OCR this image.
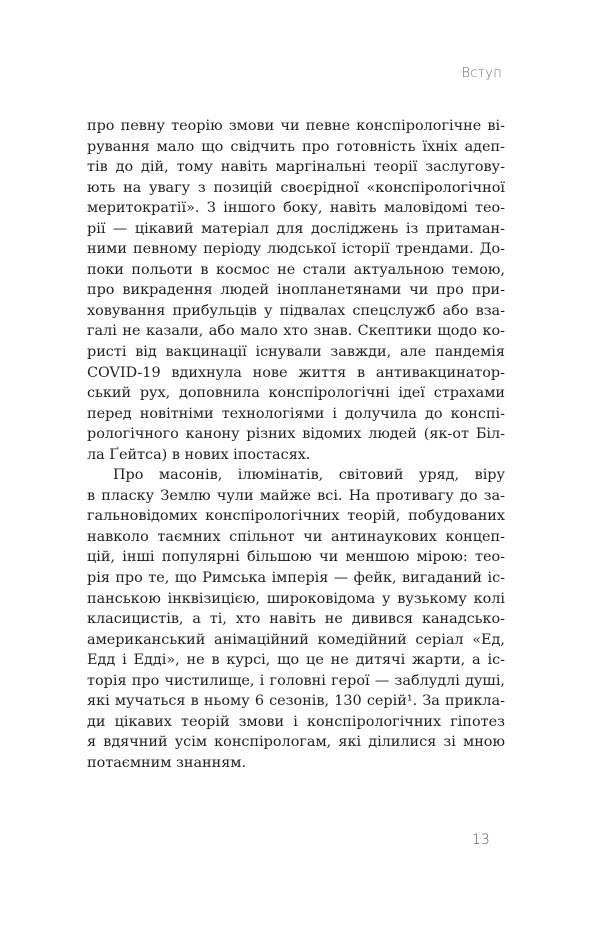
Вступ
про певну теорію змови чи певне конспірологічне ві-
рування мало що свідчить про готовність їхніх адеп-
тів до дій, тому навіть маргінальні теорії заслугову-
ють на увагу з позицій своєрідної «конспірологічної
меритократії». З іншого боку, навіть маловідомі тео-
рії — цікавий матеріал для досліджень із притаман-
ними певному періоду людської історії трендами. До-
поки польоти в космос не стали актуальною темою,
про викрадення людей інопланетянами чи про при-
ховування прибульців у підвалах спецслужб або вза-
галі не казали, або мало хто знав. Скептики щодо ко-
ристі від вакцинації існували завжди, але пандемія
COVID-19 вдихнула нове життя в антивакцинатор-
ський рух, доповнила конспірологічні ідеї страхами
перед новітніми технологіями і долучила до конспі-
рологічного канону різних відомих людей (як-от Біл-
ла Ґейтса) в нових іпостасях.
Про масонів, ілюмінатів, світовий уряд, віру
в пласку Землю чули майже всі. На противагу до за-
гальновідомих конспірологічних теорій, побудованих
навколо таємних спільнот чи антинаукових концеп-
цій, інші популярні більшою чи меншою мірою: тео-
рія про те, що Римська імперія — фейк, вигаданий іс-
панською інквізицією, широковідома у вузькому колі
класицистів, а ті, хто навіть не дивився канадсько-
американський анімаційний комедійний серіал «Ед,
Едд і Едді», не в курсі, що це не дитячі жарти, а іс-
торія про чистилище, і головні герої — заблудлі душі,
які мучаться в ньому 6 сезонів, 130 серій¹. За прикла-
ди цікавих теорій змови і конспірологічних гіпотез
я вдячний усім конспірологам, які ділилися зі мною
потаємним знанням.
13
